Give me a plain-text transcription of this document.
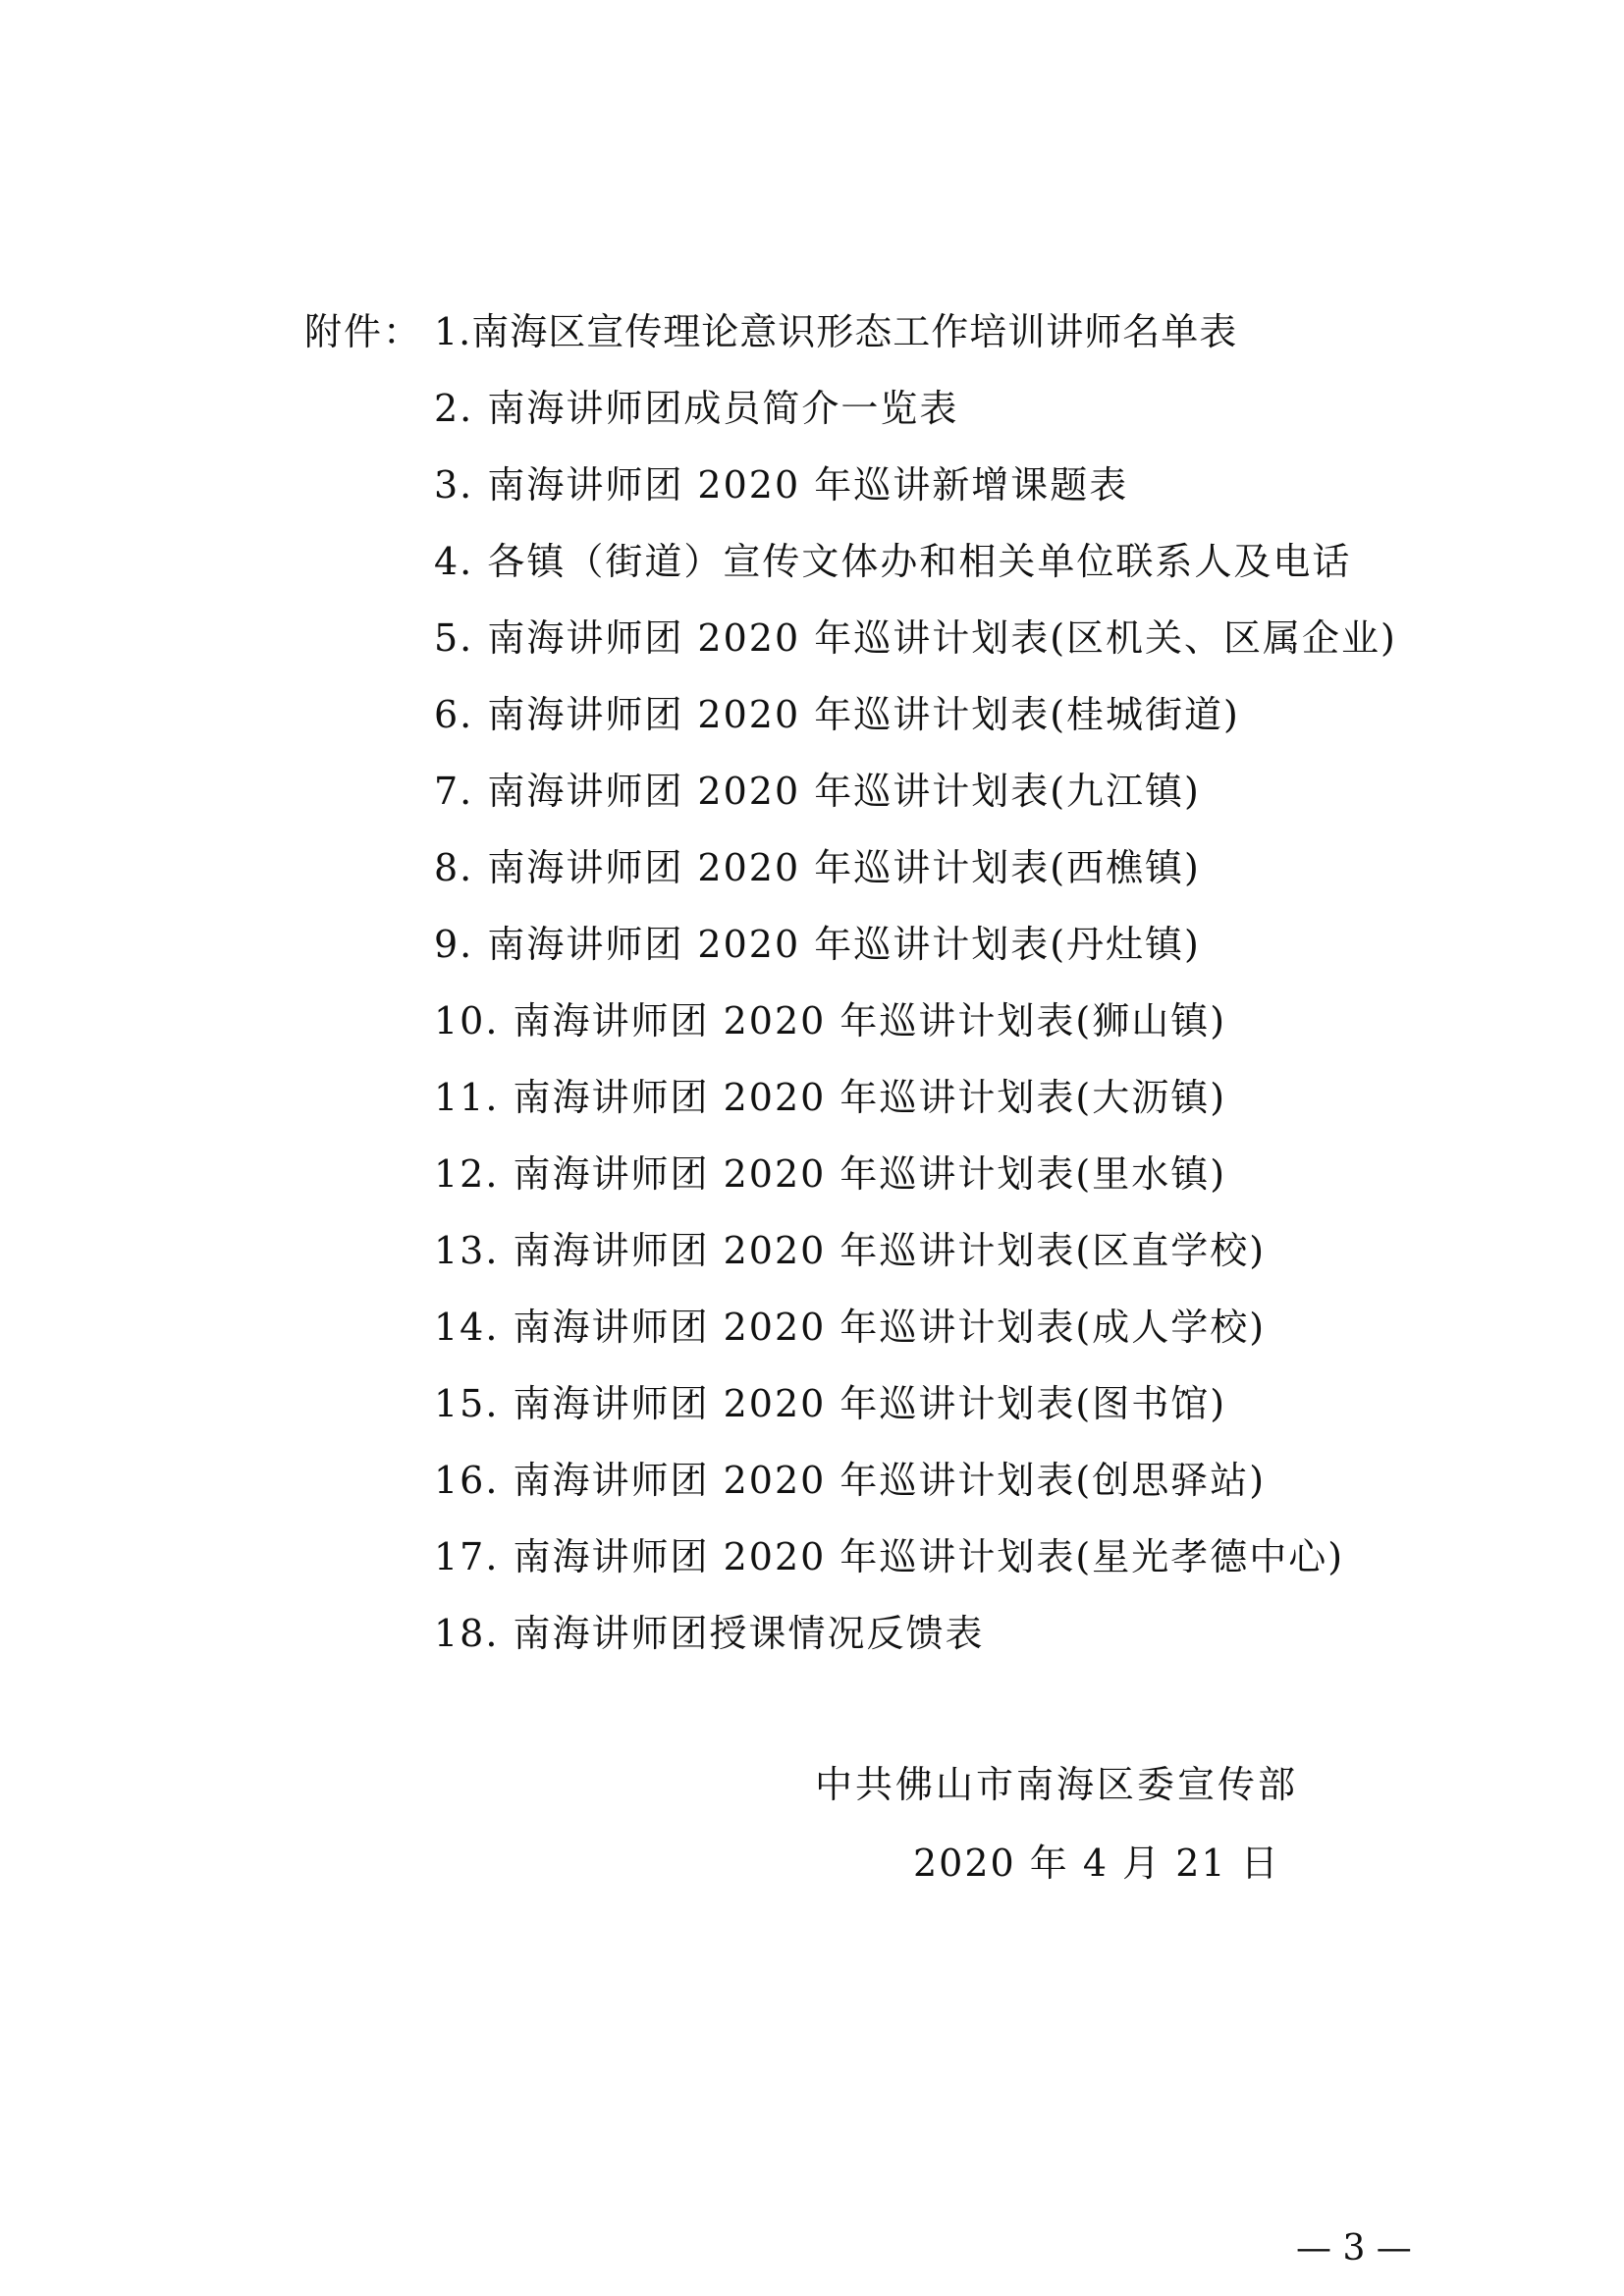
附件： 1.南海区宣传理论意识形态工作培训讲师名单表
2. 南海讲师团成员简介一览表
3. 南海讲师团 2020 年巡讲新增课题表
4. 各镇（街道）宣传文体办和相关单位联系人及电话
5. 南海讲师团 2020 年巡讲计划表(区机关、区属企业)
6. 南海讲师团 2020 年巡讲计划表(桂城街道)
7. 南海讲师团 2020 年巡讲计划表(九江镇)
8. 南海讲师团 2020 年巡讲计划表(西樵镇)
9. 南海讲师团 2020 年巡讲计划表(丹灶镇)
10. 南海讲师团 2020 年巡讲计划表(狮山镇)
11. 南海讲师团 2020 年巡讲计划表(大沥镇)
12. 南海讲师团 2020 年巡讲计划表(里水镇)
13. 南海讲师团 2020 年巡讲计划表(区直学校)
14. 南海讲师团 2020 年巡讲计划表(成人学校)
15. 南海讲师团 2020 年巡讲计划表(图书馆)
16. 南海讲师团 2020 年巡讲计划表(创思驿站)
17. 南海讲师团 2020 年巡讲计划表(星光孝德中心)
18. 南海讲师团授课情况反馈表
中共佛山市南海区委宣传部
2020 年 4 月 21 日
— 3 —
